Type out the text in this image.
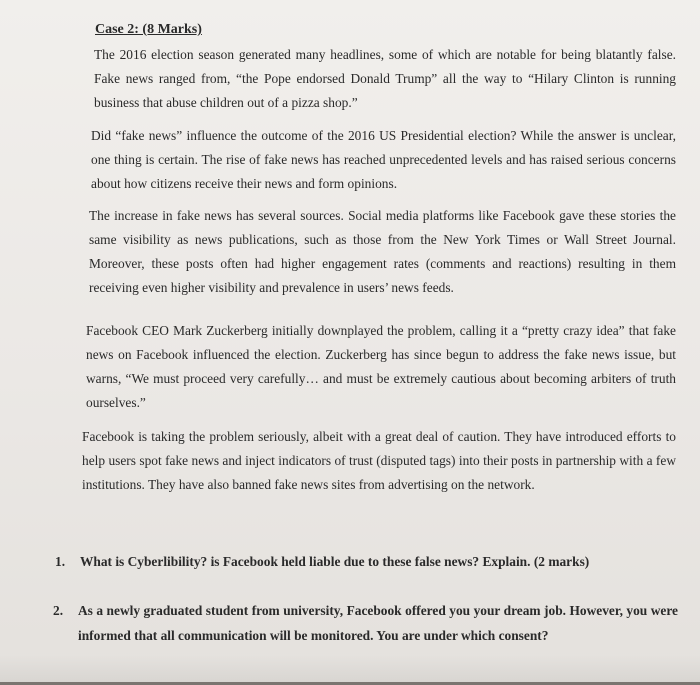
Case 2: (8 Marks)

The 2016 election season generated many headlines, some of which are notable for being blatantly false. Fake news ranged from, “the Pope endorsed Donald Trump” all the way to “Hilary Clinton is running business that abuse children out of a pizza shop.”

Did “fake news” influence the outcome of the 2016 US Presidential election? While the answer is unclear, one thing is certain. The rise of fake news has reached unprecedented levels and has raised serious concerns about how citizens receive their news and form opinions.

The increase in fake news has several sources. Social media platforms like Facebook gave these stories the same visibility as news publications, such as those from the New York Times or Wall Street Journal. Moreover, these posts often had higher engagement rates (comments and reactions) resulting in them receiving even higher visibility and prevalence in users’ news feeds.

Facebook CEO Mark Zuckerberg initially downplayed the problem, calling it a “pretty crazy idea” that fake news on Facebook influenced the election. Zuckerberg has since begun to address the fake news issue, but warns, “We must proceed very carefully… and must be extremely cautious about becoming arbiters of truth ourselves.”

Facebook is taking the problem seriously, albeit with a great deal of caution. They have introduced efforts to help users spot fake news and inject indicators of trust (disputed tags) into their posts in partnership with a few institutions. They have also banned fake news sites from advertising on the network.

1. What is Cyberlibility? is Facebook held liable due to these false news? Explain. (2 marks)
2. As a newly graduated student from university, Facebook offered you your dream job. However, you were informed that all communication will be monitored. You are under which consent?
